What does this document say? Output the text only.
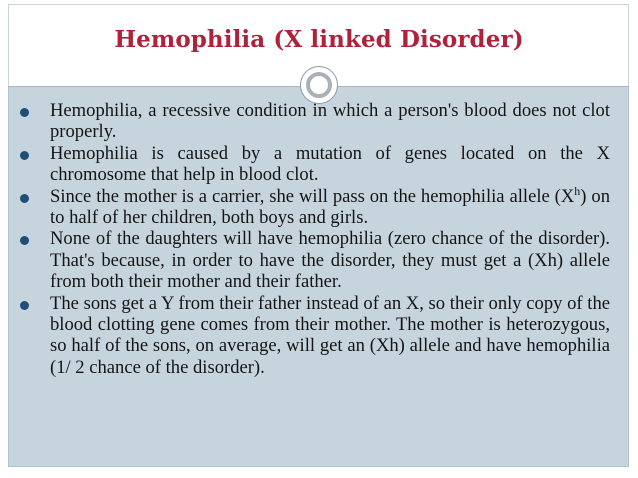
Hemophilia (X linked Disorder)
Hemophilia, a recessive condition in which a person's blood does not clot properly.
Hemophilia is caused by a mutation of genes located on the X chromosome that help in blood clot.
Since the mother is a carrier, she will pass on the hemophilia allele $(X^h)$ on to half of her children, both boys and girls.
None of the daughters will have hemophilia (zero chance of the disorder). That's because, in order to have the disorder, they must get a (Xh) allele from both their mother and their father.
The sons get a Y from their father instead of an X, so their only copy of the blood clotting gene comes from their mother. The mother is heterozygous, so half of the sons, on average, will get an (Xh) allele and have hemophilia (1/ 2 chance of the disorder).
